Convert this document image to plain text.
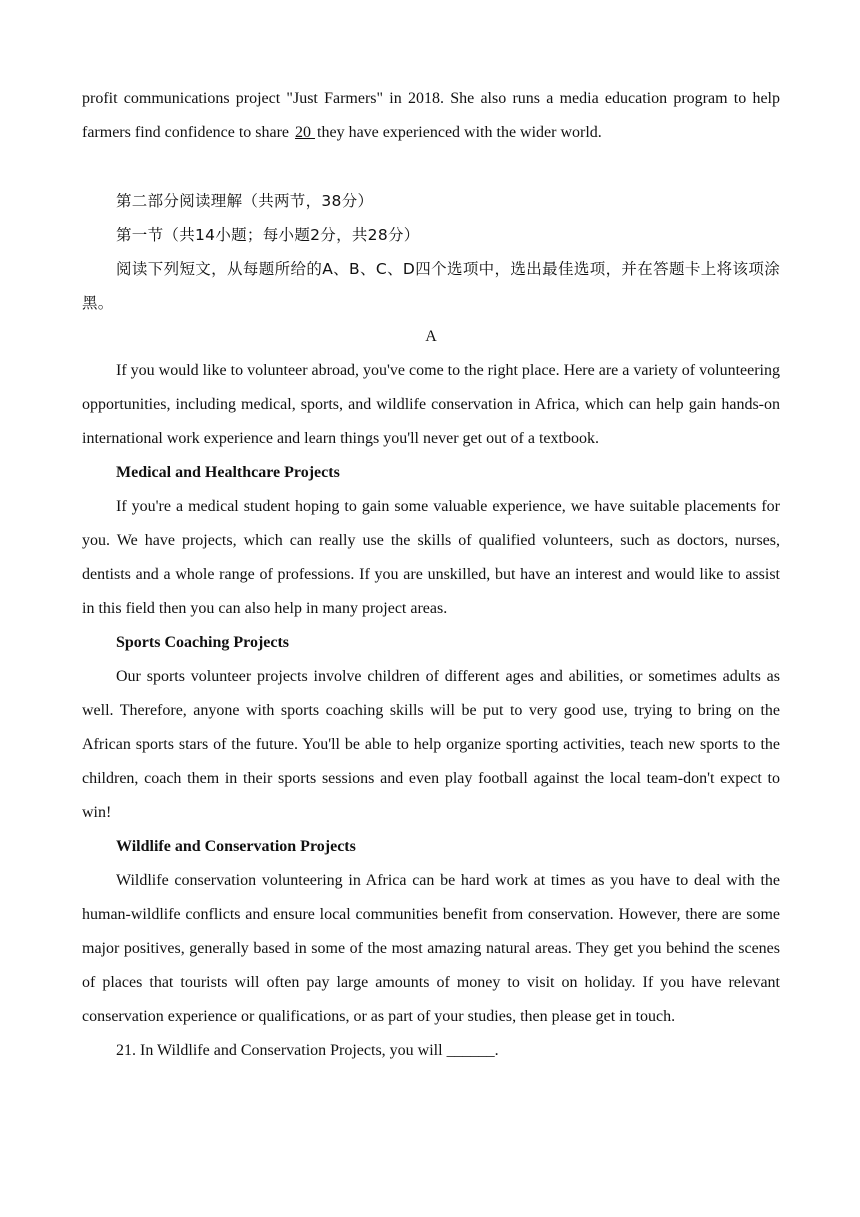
profit communications project "Just Farmers" in 2018. She also runs a media education program to help farmers find confidence to share 20 they have experienced with the wider world.

第二部分阅读理解（共两节，38分）

第一节（共14小题；每小题2分，共28分）

阅读下列短文，从每题所给的A、B、C、D四个选项中，选出最佳选项，并在答题卡上将该项涂黑。

A

If you would like to volunteer abroad, you've come to the right place. Here are a variety of volunteering opportunities, including medical, sports, and wildlife conservation in Africa, which can help gain hands-on international work experience and learn things you'll never get out of a textbook.

Medical and Healthcare Projects

If you're a medical student hoping to gain some valuable experience, we have suitable placements for you. We have projects, which can really use the skills of qualified volunteers, such as doctors, nurses, dentists and a whole range of professions. If you are unskilled, but have an interest and would like to assist in this field then you can also help in many project areas.

Sports Coaching Projects

Our sports volunteer projects involve children of different ages and abilities, or sometimes adults as well. Therefore, anyone with sports coaching skills will be put to very good use, trying to bring on the African sports stars of the future. You'll be able to help organize sporting activities, teach new sports to the children, coach them in their sports sessions and even play football against the local team-don't expect to win!

Wildlife and Conservation Projects

Wildlife conservation volunteering in Africa can be hard work at times as you have to deal with the human-wildlife conflicts and ensure local communities benefit from conservation. However, there are some major positives, generally based in some of the most amazing natural areas. They get you behind the scenes of places that tourists will often pay large amounts of money to visit on holiday. If you have relevant conservation experience or qualifications, or as part of your studies, then please get in touch.

21. In Wildlife and Conservation Projects, you will ______.
